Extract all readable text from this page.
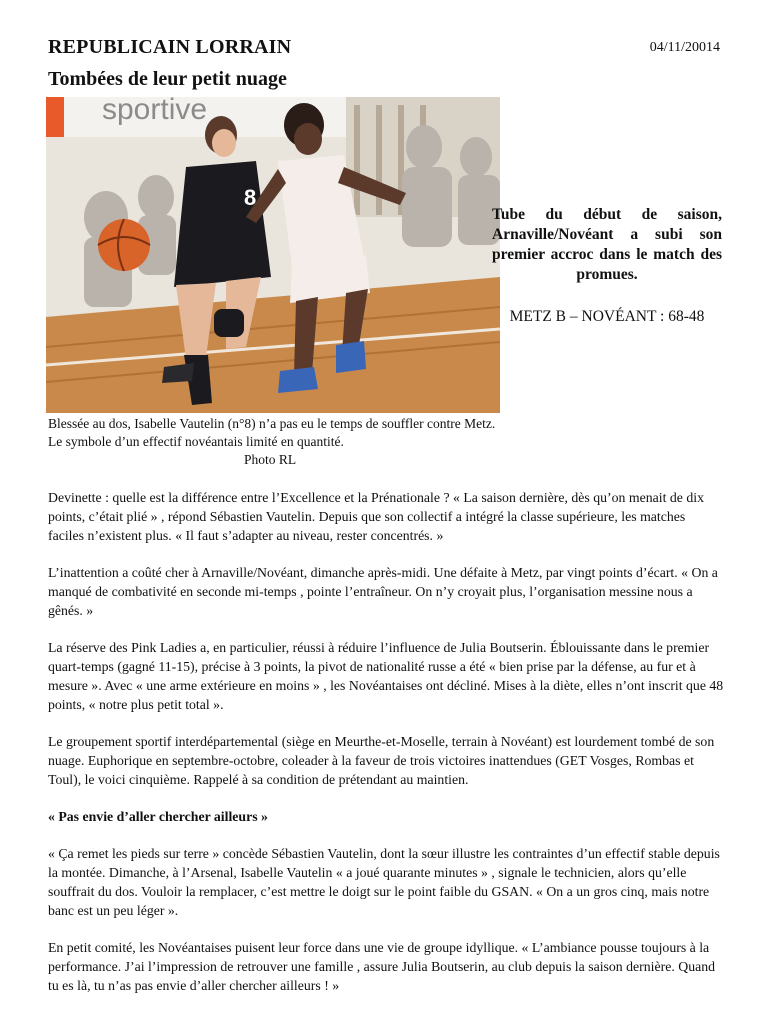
REPUBLICAIN LORRAIN	04/11/20014
Tombées de leur petit nuage
sportive
8

Tube du début de saison, Arnaville/Novéant a subi son premier accroc dans le match des promues.

METZ B – NOVÉANT : 68-48

Blessée au dos, Isabelle Vautelin (n°8) n’a pas eu le temps de souffler contre Metz. Le symbole d’un effectif novéantais limité en quantité.
Photo RL

Devinette : quelle est la différence entre l’Excellence et la Prénationale ? « La saison dernière, dès qu’on menait de dix points, c’était plié » , répond Sébastien Vautelin. Depuis que son collectif a intégré la classe supérieure, les matches faciles n’existent plus. « Il faut s’adapter au niveau, rester concentrés. »

L’inattention a coûté cher à Arnaville/Novéant, dimanche après-midi. Une défaite à Metz, par vingt points d’écart. « On a manqué de combativité en seconde mi-temps , pointe l’entraîneur. On n’y croyait plus, l’organisation messine nous a gênés. »

La réserve des Pink Ladies a, en particulier, réussi à réduire l’influence de Julia Boutserin. Éblouissante dans le premier quart-temps (gagné 11-15), précise à 3 points, la pivot de nationalité russe a été « bien prise par la défense, au fur et à mesure ». Avec « une arme extérieure en moins » , les Novéantaises ont décliné. Mises à la diète, elles n’ont inscrit que 48 points, « notre plus petit total ».

Le groupement sportif interdépartemental (siège en Meurthe-et-Moselle, terrain à Novéant) est lourdement tombé de son nuage. Euphorique en septembre-octobre, coleader à la faveur de trois victoires inattendues (GET Vosges, Rombas et Toul), le voici cinquième. Rappelé à sa condition de prétendant au maintien.

« Pas envie d’aller chercher ailleurs »

« Ça remet les pieds sur terre » concède Sébastien Vautelin, dont la sœur illustre les contraintes d’un effectif stable depuis la montée. Dimanche, à l’Arsenal, Isabelle Vautelin « a joué quarante minutes » , signale le technicien, alors qu’elle souffrait du dos. Vouloir la remplacer, c’est mettre le doigt sur le point faible du GSAN. « On a un gros cinq, mais notre banc est un peu léger ».

En petit comité, les Novéantaises puisent leur force dans une vie de groupe idyllique. « L’ambiance pousse toujours à la performance. J’ai l’impression de retrouver une famille , assure Julia Boutserin, au club depuis la saison dernière. Quand tu es là, tu n’as pas envie d’aller chercher ailleurs ! »
